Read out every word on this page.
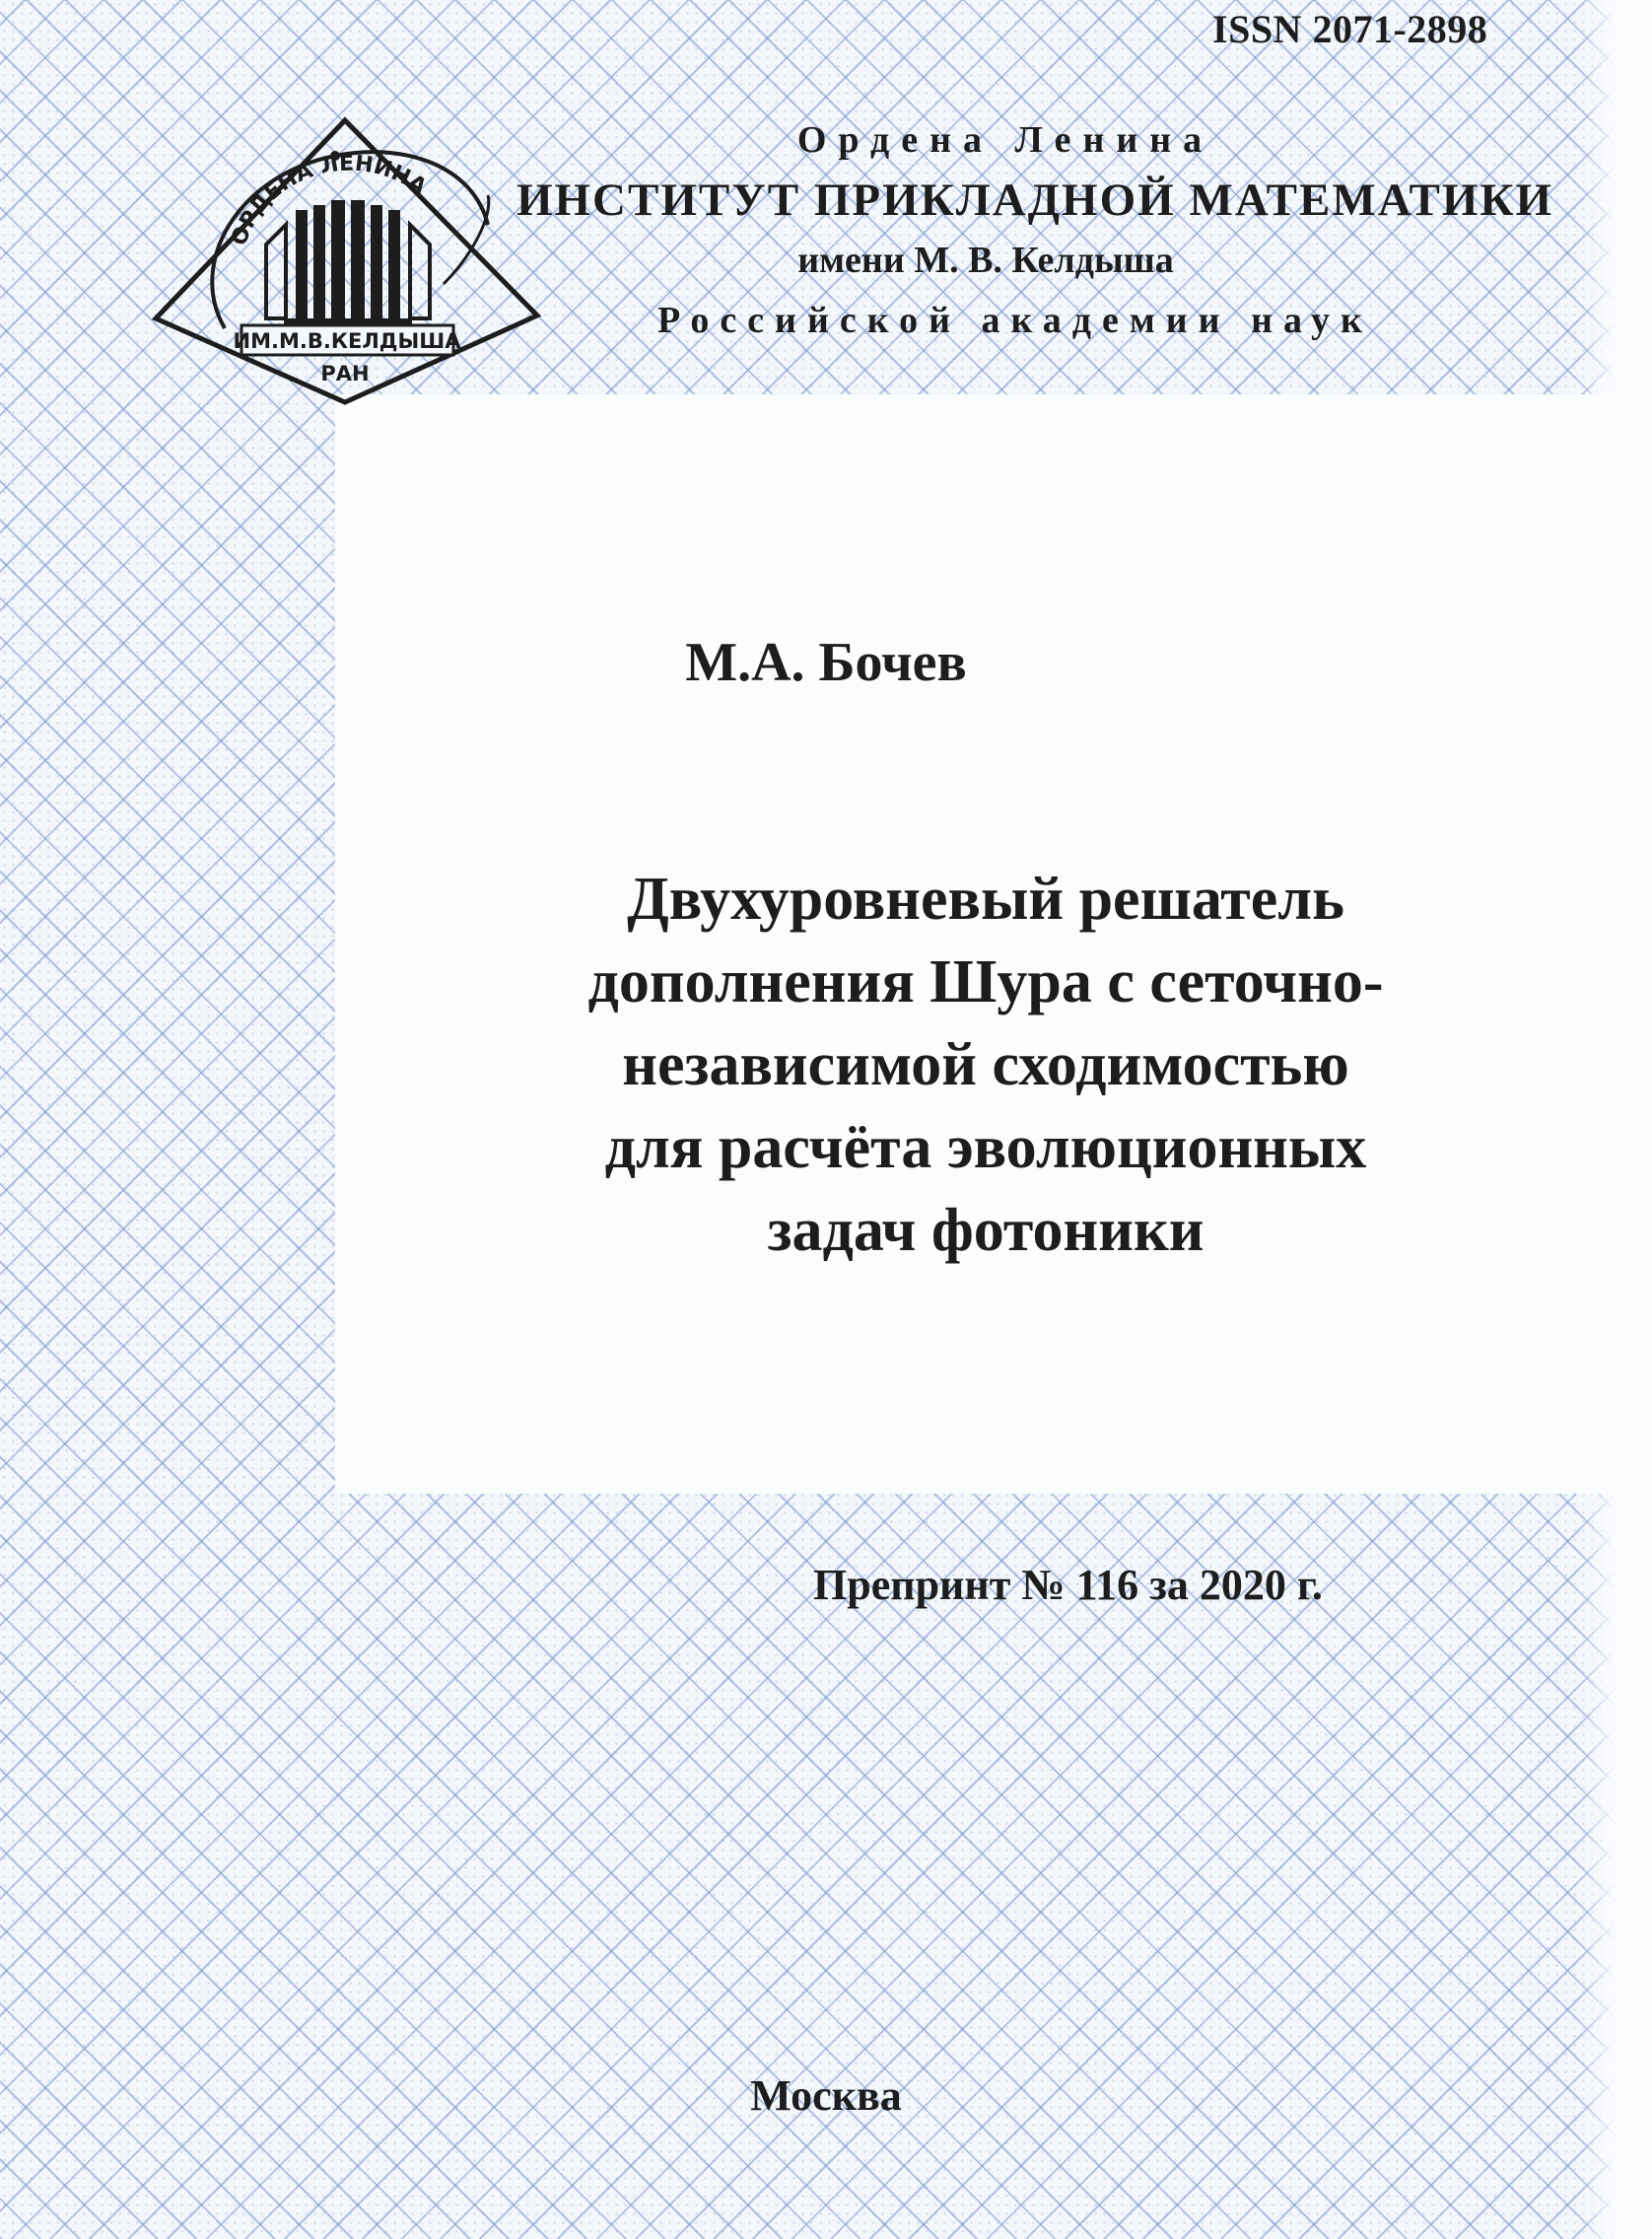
ISSN 2071-2898
Ордена Ленина
ИНСТИТУТ ПРИКЛАДНОЙ МАТЕМАТИКИ
имени М. В. Келдыша
Российской академии наук
ОРДЕНА ЛЕНИНА
ИМ.М.В.КЕЛДЫША
РАН
М.А. Бочев
Двухуровневый решатель
дополнения Шура с сеточно-
независимой сходимостью
для расчёта эволюционных
задач фотоники
Препринт № 116 за 2020 г.
Москва
